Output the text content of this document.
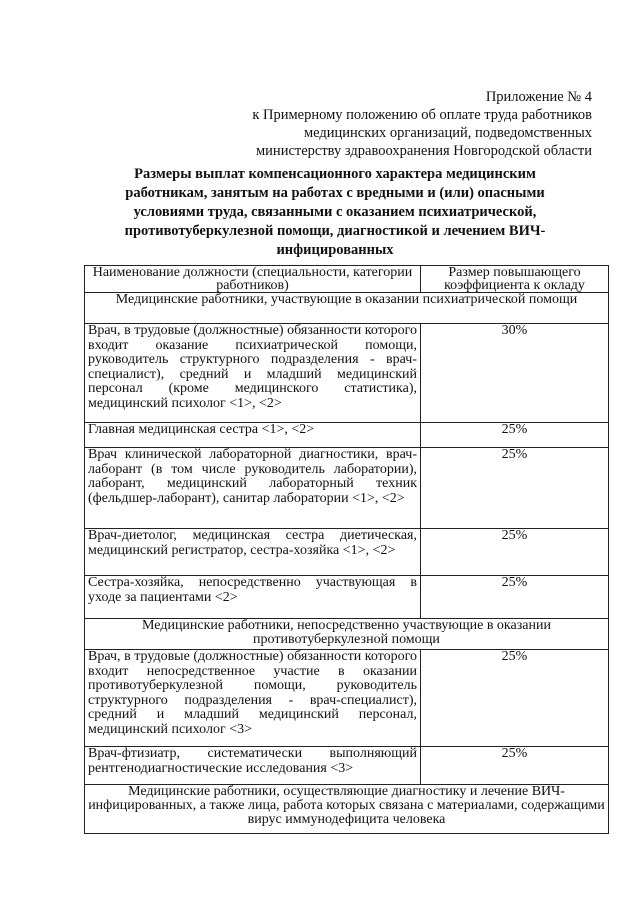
Приложение № 4
к Примерному положению об оплате труда работников
медицинских организаций, подведомственных
министерству здравоохранения Новгородской области
Размеры выплат компенсационного характера медицинским работникам, занятым на работах с вредными и (или) опасными условиями труда, связанными с оказанием психиатрической, противотуберкулезной помощи, диагностикой и лечением ВИЧ-инфицированных
Наименование должности (специальности, категории работников)	Размер повышающего коэффициента к окладу
Медицинские работники, участвующие в оказании психиатрической помощи	
Врач, в трудовые (должностные) обязанности которого входит оказание психиатрической помощи, руководитель структурного подразделения - врач-специалист), средний и младший медицинский персонал (кроме медицинского статистика), медицинский психолог <1>, <2>	30%
Главная медицинская сестра <1>, <2>	25%
Врач клинической лабораторной диагностики, врач-лаборант (в том числе руководитель лаборатории), лаборант, медицинский лабораторный техник (фельдшер-лаборант), санитар лаборатории <1>, <2>	25%
Врач-диетолог, медицинская сестра диетическая, медицинский регистратор, сестра-хозяйка <1>, <2>	25%
Сестра-хозяйка, непосредственно участвующая в уходе за пациентами <2>	25%
Медицинские работники, непосредственно участвующие в оказании противотуберкулезной помощи	
Врач, в трудовые (должностные) обязанности которого входит непосредственное участие в оказании противотуберкулезной помощи, руководитель структурного подразделения - врач-специалист), средний и младший медицинский персонал, медицинский психолог <3>	25%
Врач-фтизиатр, систематически выполняющий рентгенодиагностические исследования <3>	25%
Медицинские работники, осуществляющие диагностику и лечение ВИЧ-инфицированных, а также лица, работа которых связана с материалами, содержащими вирус иммунодефицита человека	
